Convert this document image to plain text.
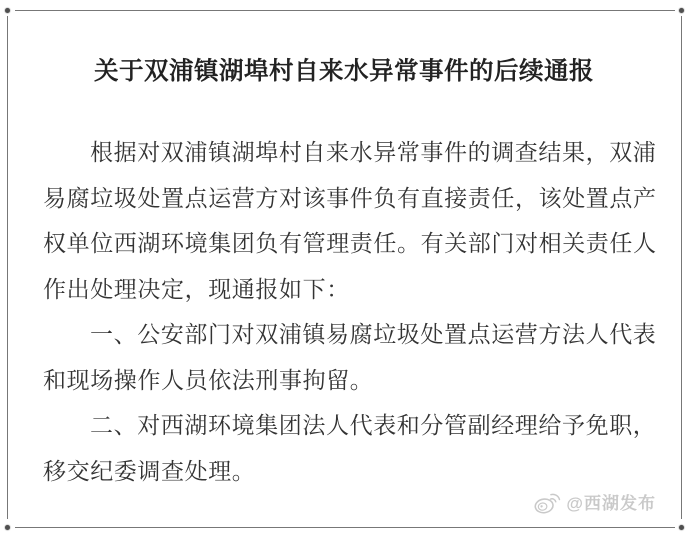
关于双浦镇湖埠村自来水异常事件的后续通报
根据对双浦镇湖埠村自来水异常事件的调查结果，双浦
易腐垃圾处置点运营方对该事件负有直接责任，该处置点产
权单位西湖环境集团负有管理责任。有关部门对相关责任人
作出处理决定，现通报如下：
一、公安部门对双浦镇易腐垃圾处置点运营方法人代表
和现场操作人员依法刑事拘留。
二、对西湖环境集团法人代表和分管副经理给予免职，
移交纪委调查处理。
@西湖发布
